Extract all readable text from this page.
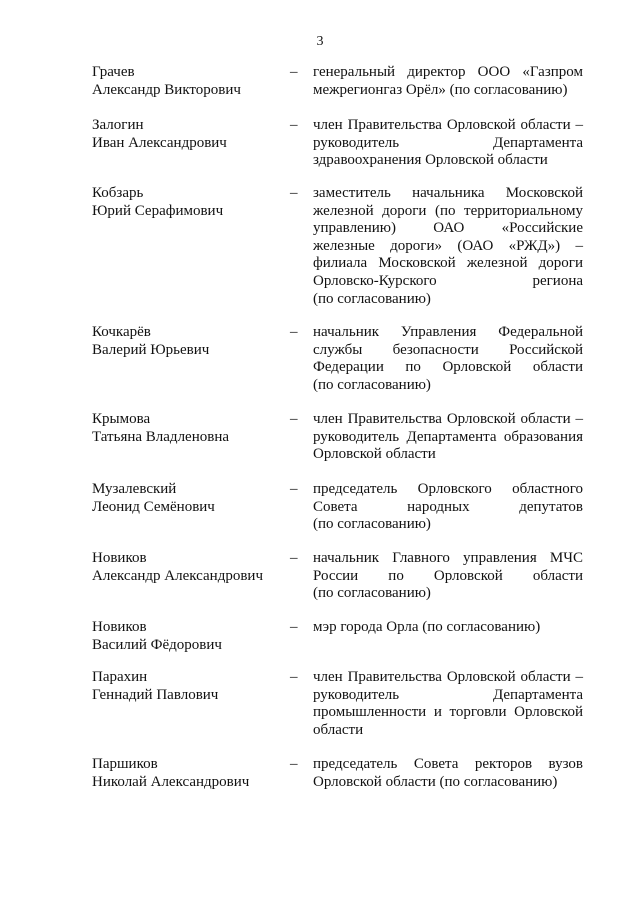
3
Грачев
Александр Викторович
–	генеральный директор ООО «Газпром
межрегионгаз Орёл» (по согласованию)
Залогин
Иван Александрович
–	член Правительства Орловской области –
руководитель Департамента
здравоохранения Орловской области
Кобзарь
Юрий Серафимович
–	заместитель начальника Московской
железной дороги (по территориальному
управлению) ОАО «Российские
железные дороги» (ОАО «РЖД») –
филиала Московской железной дороги
Орловско-Курского региона
(по согласованию)
Кочкарёв
Валерий Юрьевич
–	начальник Управления Федеральной
службы безопасности Российской
Федерации по Орловской области
(по согласованию)
Крымова
Татьяна Владленовна
–	член Правительства Орловской области –
руководитель Департамента образования
Орловской области
Музалевский
Леонид Семёнович
–	председатель Орловского областного
Совета народных депутатов
(по согласованию)
Новиков
Александр Александрович
–	начальник Главного управления МЧС
России по Орловской области
(по согласованию)
Новиков
Василий Фёдорович
–	мэр города Орла (по согласованию)
Парахин
Геннадий Павлович
–	член Правительства Орловской области –
руководитель Департамента
промышленности и торговли Орловской
области
Паршиков
Николай Александрович
–	председатель Совета ректоров вузов
Орловской области (по согласованию)
